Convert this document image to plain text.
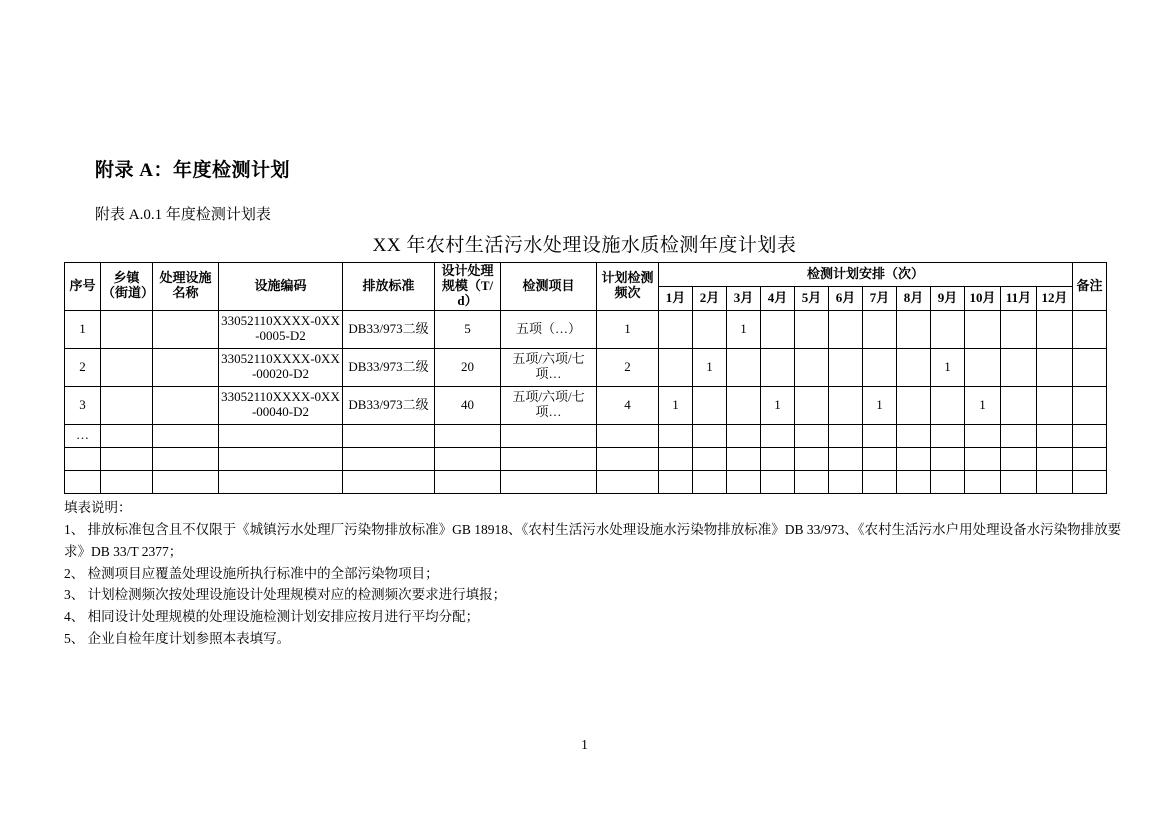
附录 A：年度检测计划
附表 A.0.1 年度检测计划表
XX 年农村生活污水处理设施水质检测年度计划表
序号	乡镇（街道）	处理设施名称	设施编码	排放标准	设计处理规模（T/d）	检测项目	计划检测频次	检测计划安排（次）												备注
								1月	2月	3月	4月	5月	6月	7月	8月	9月	10月	11月	12月	
1			33052110XXXX-0XX-0005-D2	DB33/973二级	5	五项（…）	1			1										
2			33052110XXXX-0XX-00020-D2	DB33/973二级	20	五项/六项/七项…	2		1							1				
3			33052110XXXX-0XX-00040-D2	DB33/973二级	40	五项/六项/七项…	4	1			1			1			1			
…																				

填表说明：
1、 排放标准包含且不仅限于《城镇污水处理厂污染物排放标准》GB 18918、《农村生活污水处理设施水污染物排放标准》DB 33/973、《农村生活污水户用处理设备水污染物排放要求》DB 33/T 2377；
2、 检测项目应覆盖处理设施所执行标准中的全部污染物项目；
3、 计划检测频次按处理设施设计处理规模对应的检测频次要求进行填报；
4、 相同设计处理规模的处理设施检测计划安排应按月进行平均分配；
5、 企业自检年度计划参照本表填写。
1
